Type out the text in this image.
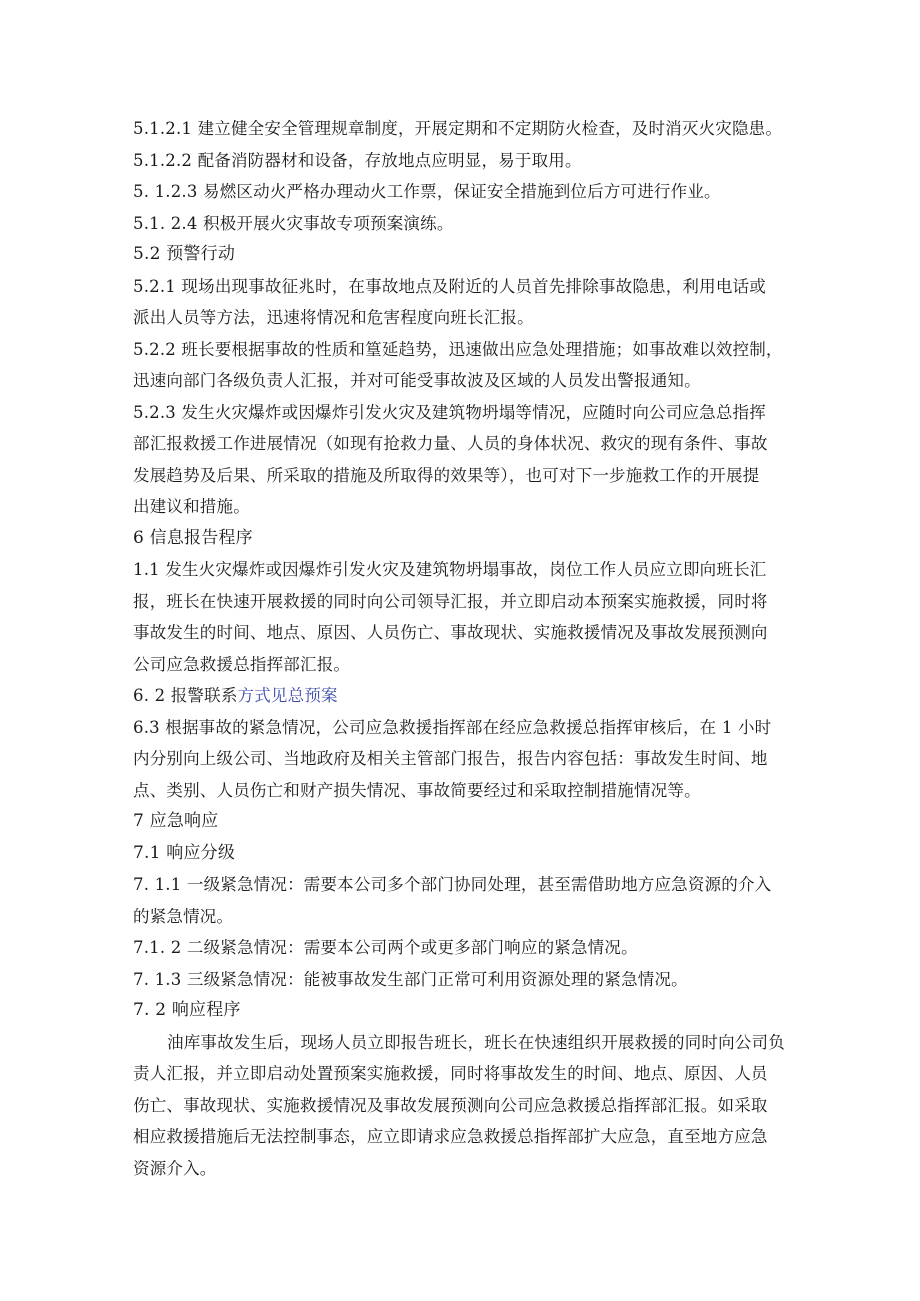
5.1.2.1 建立健全安全管理规章制度，开展定期和不定期防火检查，及时消灭火灾隐患。
5.1.2.2 配备消防器材和设备，存放地点应明显，易于取用。
5. 1.2.3 易燃区动火严格办理动火工作票，保证安全措施到位后方可进行作业。
5.1. 2.4 积极开展火灾事故专项预案演练。
5.2 预警行动
5.2.1 现场出现事故征兆时，在事故地点及附近的人员首先排除事故隐患，利用电话或
派出人员等方法，迅速将情况和危害程度向班长汇报。
5.2.2 班长要根据事故的性质和篁延趋势，迅速做出应急处理措施；如事故难以效控制，
迅速向部门各级负责人汇报，并对可能受事故波及区域的人员发出警报通知。
5.2.3 发生火灾爆炸或因爆炸引发火灾及建筑物坍塌等情况，应随时向公司应急总指挥
部汇报救援工作进展情况（如现有抢救力量、人员的身体状况、救灾的现有条件、事故
发展趋势及后果、所采取的措施及所取得的效果等），也可对下一步施救工作的开展提
出建议和措施。
6 信息报告程序
1.1 发生火灾爆炸或因爆炸引发火灾及建筑物坍塌事故，岗位工作人员应立即向班长汇
报，班长在快速开展救援的同时向公司领导汇报，并立即启动本预案实施救援，同时将
事故发生的时间、地点、原因、人员伤亡、事故现状、实施救援情况及事故发展预测向
公司应急救援总指挥部汇报。
6. 2 报警联系方式见总预案
6.3 根据事故的紧急情况，公司应急救援指挥部在经应急救援总指挥审核后，在 1 小时
内分别向上级公司、当地政府及相关主管部门报告，报告内容包括：事故发生时间、地
点、类别、人员伤亡和财产损失情况、事故简要经过和采取控制措施情况等。
7 应急响应
7.1 响应分级
7. 1.1 一级紧急情况：需要本公司多个部门协同处理，甚至需借助地方应急资源的介入
的紧急情况。
7.1. 2 二级紧急情况：需要本公司两个或更多部门响应的紧急情况。
7. 1.3 三级紧急情况：能被事故发生部门正常可利用资源处理的紧急情况。
7. 2 响应程序
油库事故发生后，现场人员立即报告班长，班长在快速组织开展救援的同时向公司负
责人汇报，并立即启动处置预案实施救援，同时将事故发生的时间、地点、原因、人员
伤亡、事故现状、实施救援情况及事故发展预测向公司应急救援总指挥部汇报。如采取
相应救援措施后无法控制事态，应立即请求应急救援总指挥部扩大应急，直至地方应急
资源介入。
